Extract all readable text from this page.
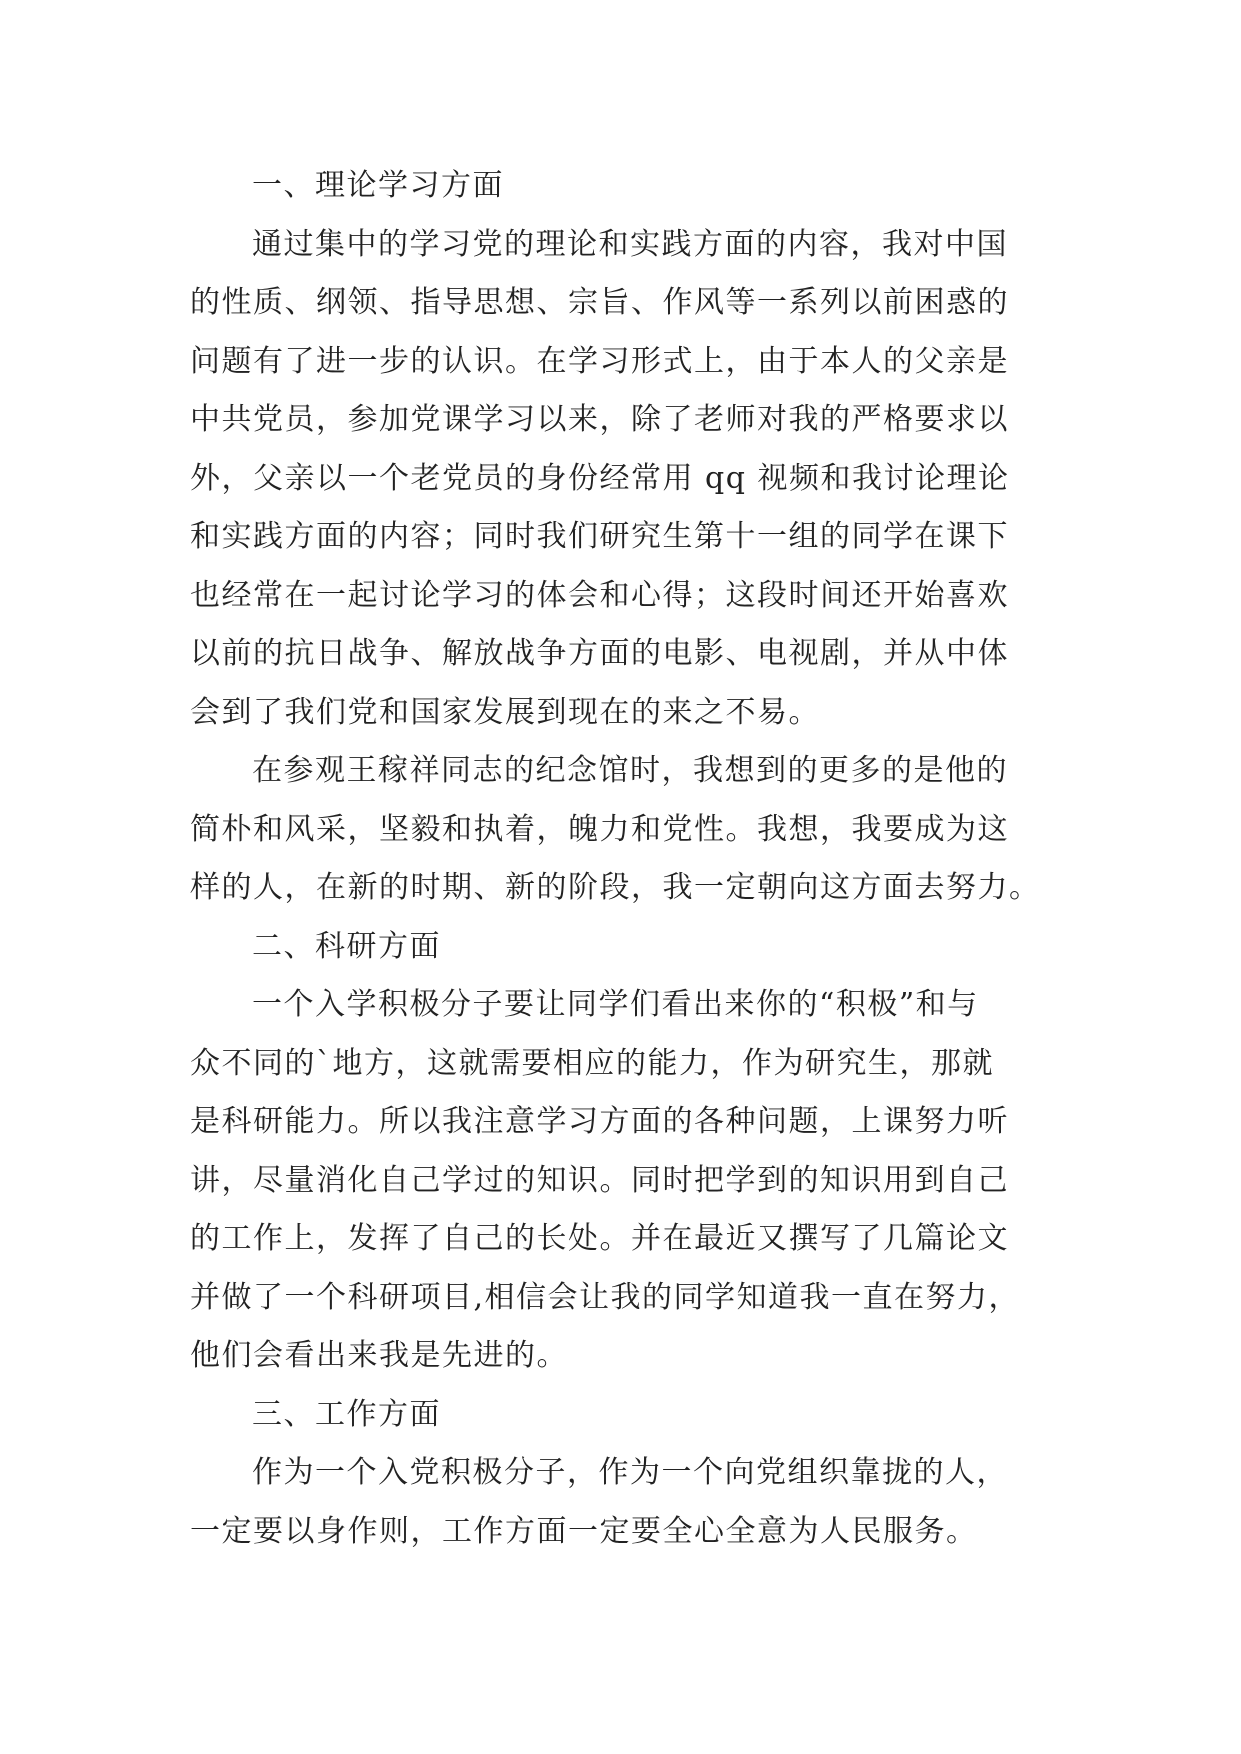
一、理论学习方面
通过集中的学习党的理论和实践方面的内容，我对中国
的性质、纲领、指导思想、宗旨、作风等一系列以前困惑的
问题有了进一步的认识。在学习形式上，由于本人的父亲是
中共党员，参加党课学习以来，除了老师对我的严格要求以
外，父亲以一个老党员的身份经常用 qq 视频和我讨论理论
和实践方面的内容；同时我们研究生第十一组的同学在课下
也经常在一起讨论学习的体会和心得；这段时间还开始喜欢
以前的抗日战争、解放战争方面的电影、电视剧，并从中体
会到了我们党和国家发展到现在的来之不易。
在参观王稼祥同志的纪念馆时，我想到的更多的是他的
简朴和风采，坚毅和执着，魄力和党性。我想，我要成为这
样的人，在新的时期、新的阶段，我一定朝向这方面去努力。
二、科研方面
一个入学积极分子要让同学们看出来你的“积极”和与
众不同的`地方，这就需要相应的能力，作为研究生，那就
是科研能力。所以我注意学习方面的各种问题，上课努力听
讲，尽量消化自己学过的知识。同时把学到的知识用到自己
的工作上，发挥了自己的长处。并在最近又撰写了几篇论文
并做了一个科研项目,相信会让我的同学知道我一直在努力，
他们会看出来我是先进的。
三、工作方面
作为一个入党积极分子，作为一个向党组织靠拢的人，
一定要以身作则，工作方面一定要全心全意为人民服务。
